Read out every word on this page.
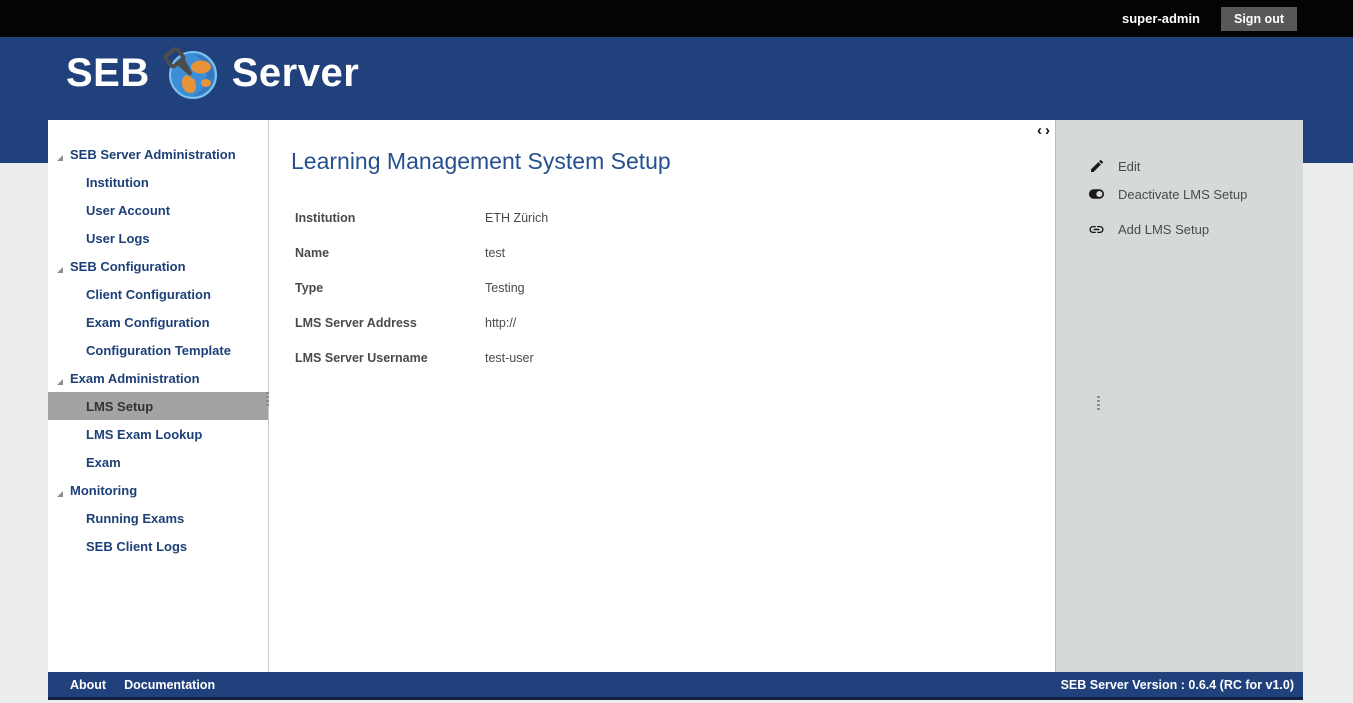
super-admin	Sign out
SEB Server
SEB Server Administration
Institution
User Account
User Logs
SEB Configuration
Client Configuration
Exam Configuration
Configuration Template
Exam Administration
LMS Setup
LMS Exam Lookup
Exam
Monitoring
Running Exams
SEB Client Logs
‹ ›
Learning Management System Setup
Institution	ETH Zürich
Name	test
Type	Testing
LMS Server Address	http://
LMS Server Username	test-user
Edit
Deactivate LMS Setup
Add LMS Setup
About Documentation	SEB Server Version : 0.6.4 (RC for v1.0)
